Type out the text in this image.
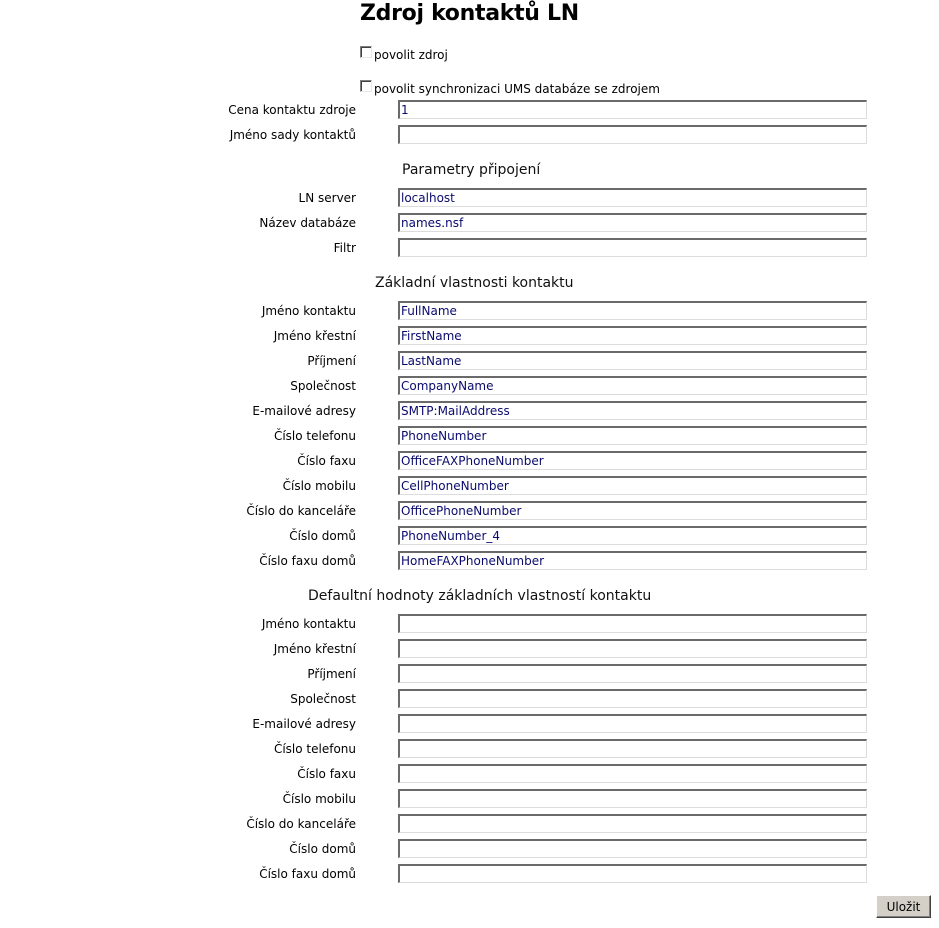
Zdroj kontaktů LN
povolit zdroj
povolit synchronizaci UMS databáze se zdrojem
Cena kontaktu zdroje
1
Jméno sady kontaktů
Parametry připojení
LN server
localhost
Název databáze
names.nsf
Filtr
Základní vlastnosti kontaktu
Jméno kontaktu
FullName
Jméno křestní
FirstName
Příjmení
LastName
Společnost
CompanyName
E-mailové adresy
SMTP:MailAddress
Číslo telefonu
PhoneNumber
Číslo faxu
OfficeFAXPhoneNumber
Číslo mobilu
CellPhoneNumber
Číslo do kanceláře
OfficePhoneNumber
Číslo domů
PhoneNumber_4
Číslo faxu domů
HomeFAXPhoneNumber
Defaultní hodnoty základních vlastností kontaktu
Jméno kontaktu
Jméno křestní
Příjmení
Společnost
E-mailové adresy
Číslo telefonu
Číslo faxu
Číslo mobilu
Číslo do kanceláře
Číslo domů
Číslo faxu domů
Uložit
